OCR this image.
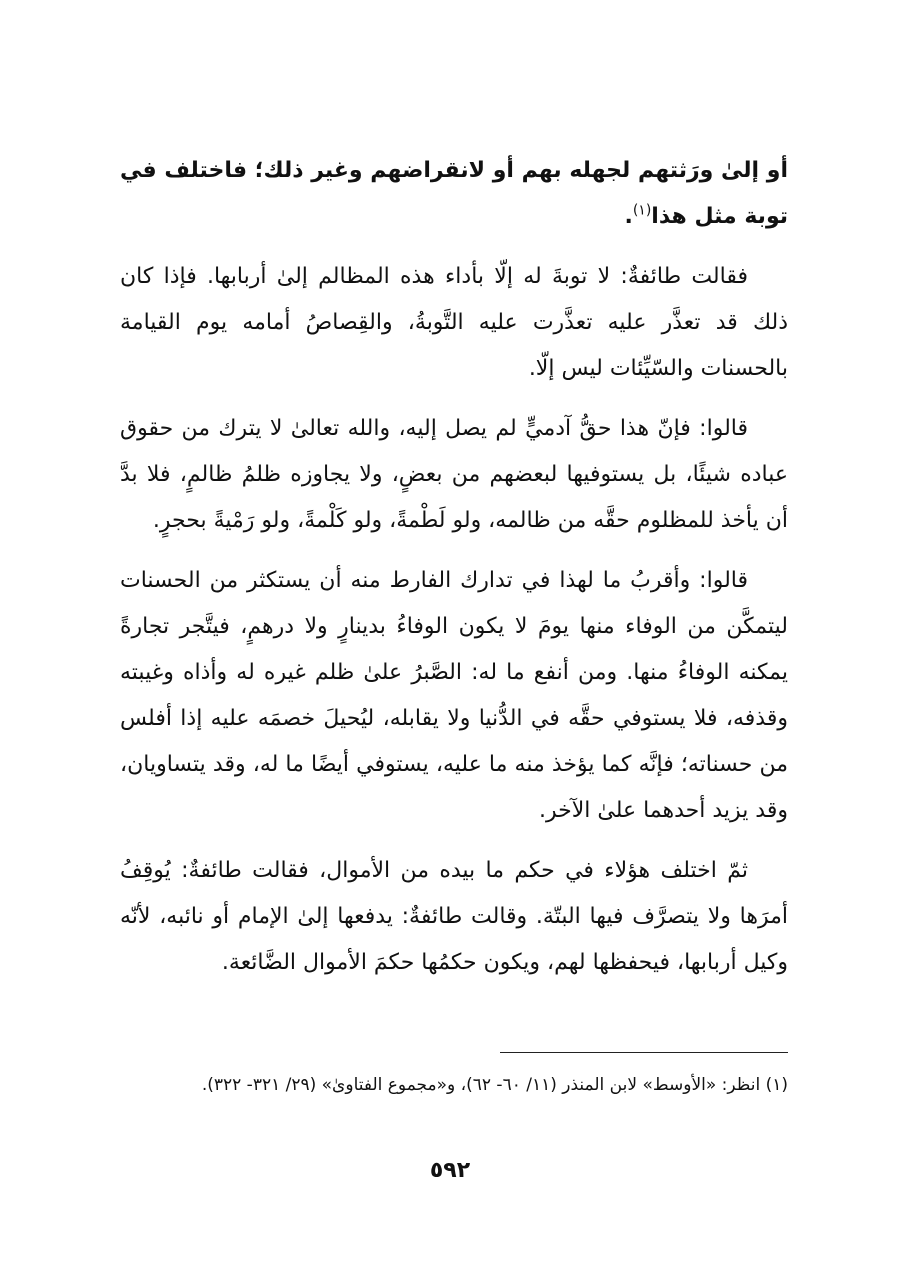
أو إلىٰ ورَثتهم لجهله بهم أو لانقراضهم وغير ذلك؛ فاختلف في توبة مثل هذا$^{(١)}$.

فقالت طائفةٌ: لا توبةَ له إلّا بأداء هذه المظالم إلىٰ أربابها. فإذا كان ذلك قد تعذَّر عليه تعذَّرت عليه التَّوبةُ، والقِصاصُ أمامه يوم القيامة بالحسنات والسّيِّئات ليس إلّا.

قالوا: فإنّ هذا حقُّ آدميٍّ لم يصل إليه، والله تعالىٰ لا يترك من حقوق عباده شيئًا، بل يستوفيها لبعضهم من بعضٍ، ولا يجاوزه ظلمُ ظالمٍ، فلا بدَّ أن يأخذ للمظلوم حقَّه من ظالمه، ولو لَطْمةً، ولو كَلْمةً، ولو رَمْيةً بحجرٍ.

قالوا: وأقربُ ما لهذا في تدارك الفارط منه أن يستكثر من الحسنات ليتمكَّن من الوفاء منها يومَ لا يكون الوفاءُ بدينارٍ ولا درهمٍ، فيتَّجر تجارةً يمكنه الوفاءُ منها. ومن أنفع ما له: الصَّبرُ علىٰ ظلم غيره له وأذاه وغيبته وقذفه، فلا يستوفي حقَّه في الدُّنيا ولا يقابله، ليُحيلَ خصمَه عليه إذا أفلس من حسناته؛ فإنَّه كما يؤخذ منه ما عليه، يستوفي أيضًا ما له، وقد يتساويان، وقد يزيد أحدهما علىٰ الآخر.

ثمّ اختلف هؤلاء في حكم ما بيده من الأموال، فقالت طائفةٌ: يُوقِفُ أمرَها ولا يتصرَّف فيها البتّة. وقالت طائفةٌ: يدفعها إلىٰ الإمام أو نائبه، لأنّه وكيل أربابها، فيحفظها لهم، ويكون حكمُها حكمَ الأموال الضَّائعة.

(١) انظر: «الأوسط» لابن المنذر (١١/ ٦٠- ٦٢)، و«مجموع الفتاوىٰ» (٢٩/ ٣٢١- ٣٢٢).

٥٩٢
